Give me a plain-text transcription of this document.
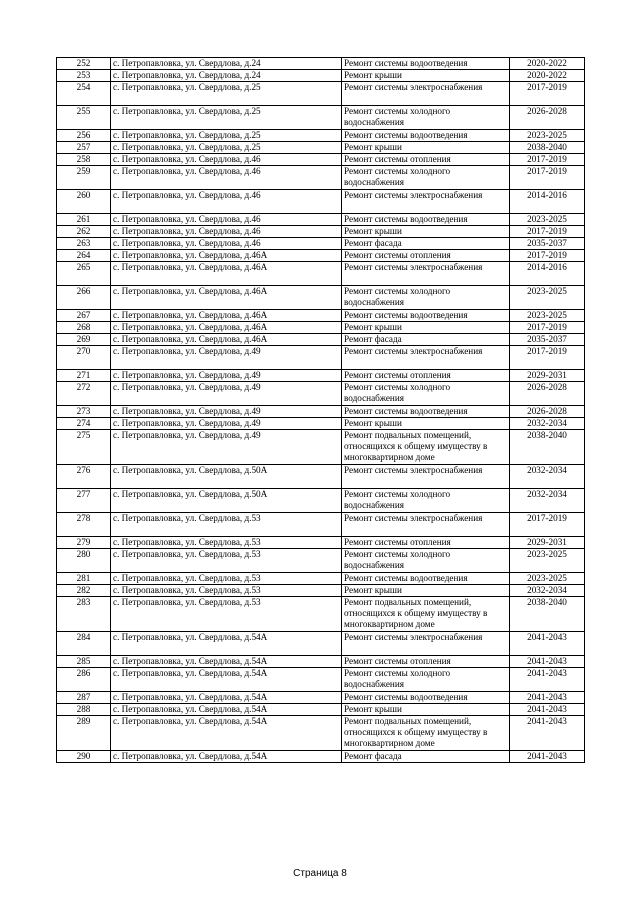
252	с. Петропавловка, ул. Свердлова, д.24	Ремонт системы водоотведения	2020-2022
253	с. Петропавловка, ул. Свердлова, д.24	Ремонт крыши	2020-2022
254	с. Петропавловка, ул. Свердлова, д.25	Ремонт системы электроснабжения	2017-2019
255	с. Петропавловка, ул. Свердлова, д.25	Ремонт системы холодного водоснабжения	2026-2028
256	с. Петропавловка, ул. Свердлова, д.25	Ремонт системы водоотведения	2023-2025
257	с. Петропавловка, ул. Свердлова, д.25	Ремонт крыши	2038-2040
258	с. Петропавловка, ул. Свердлова, д.46	Ремонт системы отопления	2017-2019
259	с. Петропавловка, ул. Свердлова, д.46	Ремонт системы холодного водоснабжения	2017-2019
260	с. Петропавловка, ул. Свердлова, д.46	Ремонт системы электроснабжения	2014-2016
261	с. Петропавловка, ул. Свердлова, д.46	Ремонт системы водоотведения	2023-2025
262	с. Петропавловка, ул. Свердлова, д.46	Ремонт крыши	2017-2019
263	с. Петропавловка, ул. Свердлова, д.46	Ремонт фасада	2035-2037
264	с. Петропавловка, ул. Свердлова, д.46А	Ремонт системы отопления	2017-2019
265	с. Петропавловка, ул. Свердлова, д.46А	Ремонт системы электроснабжения	2014-2016
266	с. Петропавловка, ул. Свердлова, д.46А	Ремонт системы холодного водоснабжения	2023-2025
267	с. Петропавловка, ул. Свердлова, д.46А	Ремонт системы водоотведения	2023-2025
268	с. Петропавловка, ул. Свердлова, д.46А	Ремонт крыши	2017-2019
269	с. Петропавловка, ул. Свердлова, д.46А	Ремонт фасада	2035-2037
270	с. Петропавловка, ул. Свердлова, д.49	Ремонт системы электроснабжения	2017-2019
271	с. Петропавловка, ул. Свердлова, д.49	Ремонт системы отопления	2029-2031
272	с. Петропавловка, ул. Свердлова, д.49	Ремонт системы холодного водоснабжения	2026-2028
273	с. Петропавловка, ул. Свердлова, д.49	Ремонт системы водоотведения	2026-2028
274	с. Петропавловка, ул. Свердлова, д.49	Ремонт крыши	2032-2034
275	с. Петропавловка, ул. Свердлова, д.49	Ремонт подвальных помещений, относящихся к общему имуществу в многоквартирном доме	2038-2040
276	с. Петропавловка, ул. Свердлова, д.50А	Ремонт системы электроснабжения	2032-2034
277	с. Петропавловка, ул. Свердлова, д.50А	Ремонт системы холодного водоснабжения	2032-2034
278	с. Петропавловка, ул. Свердлова, д.53	Ремонт системы электроснабжения	2017-2019
279	с. Петропавловка, ул. Свердлова, д.53	Ремонт системы отопления	2029-2031
280	с. Петропавловка, ул. Свердлова, д.53	Ремонт системы холодного водоснабжения	2023-2025
281	с. Петропавловка, ул. Свердлова, д.53	Ремонт системы водоотведения	2023-2025
282	с. Петропавловка, ул. Свердлова, д.53	Ремонт крыши	2032-2034
283	с. Петропавловка, ул. Свердлова, д.53	Ремонт подвальных помещений, относящихся к общему имуществу в многоквартирном доме	2038-2040
284	с. Петропавловка, ул. Свердлова, д.54А	Ремонт системы электроснабжения	2041-2043
285	с. Петропавловка, ул. Свердлова, д.54А	Ремонт системы отопления	2041-2043
286	с. Петропавловка, ул. Свердлова, д.54А	Ремонт системы холодного водоснабжения	2041-2043
287	с. Петропавловка, ул. Свердлова, д.54А	Ремонт системы водоотведения	2041-2043
288	с. Петропавловка, ул. Свердлова, д.54А	Ремонт крыши	2041-2043
289	с. Петропавловка, ул. Свердлова, д.54А	Ремонт подвальных помещений, относящихся к общему имуществу в многоквартирном доме	2041-2043
290	с. Петропавловка, ул. Свердлова, д.54А	Ремонт фасада	2041-2043
Страница 8
